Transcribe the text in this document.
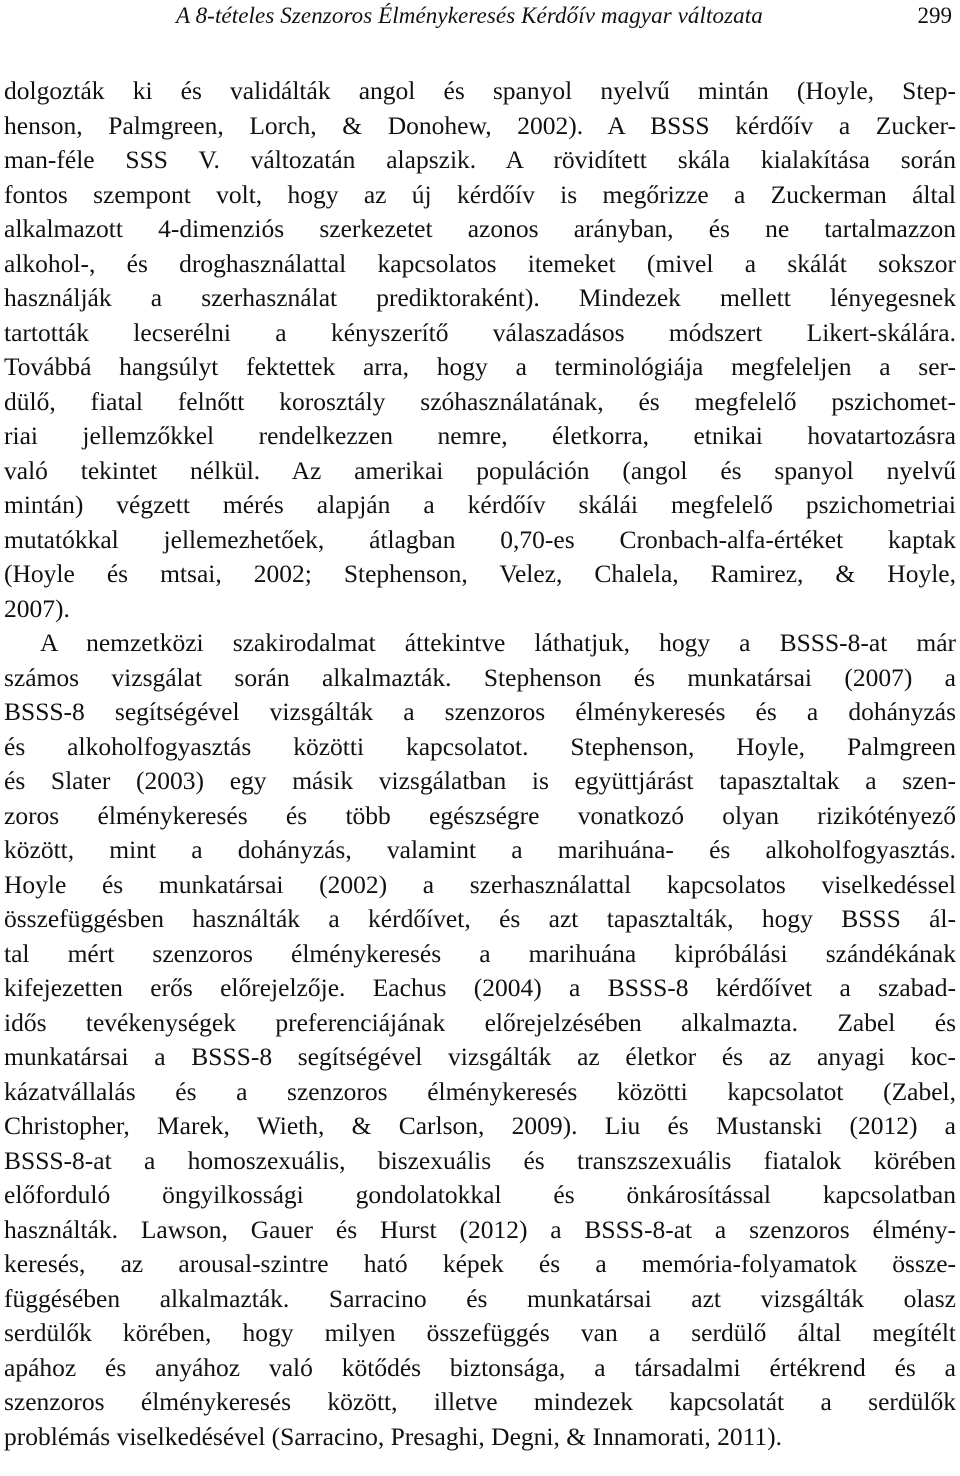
A 8-tételes Szenzoros Élménykeresés Kérdőív magyar változata	299
dolgozták ki és validálták angol és spanyol nyelvű mintán (Hoyle, Step-
henson, Palmgreen, Lorch, & Donohew, 2002). A BSSS kérdőív a Zucker-
man-féle SSS V. változatán alapszik. A rövidített skála kialakítása során
fontos szempont volt, hogy az új kérdőív is megőrizze a Zuckerman által
alkalmazott 4-dimenziós szerkezetet azonos arányban, és ne tartalmazzon
alkohol-, és droghasználattal kapcsolatos itemeket (mivel a skálát sokszor
használják a szerhasználat prediktoraként). Mindezek mellett lényegesnek
tartották lecserélni a kényszerítő válaszadásos módszert Likert-skálára.
Továbbá hangsúlyt fektettek arra, hogy a terminológiája megfeleljen a ser-
dülő, fiatal felnőtt korosztály szóhasználatának, és megfelelő pszichomet-
riai jellemzőkkel rendelkezzen nemre, életkorra, etnikai hovatartozásra
való tekintet nélkül. Az amerikai populáción (angol és spanyol nyelvű
mintán) végzett mérés alapján a kérdőív skálái megfelelő pszichometriai
mutatókkal jellemezhetőek, átlagban 0,70-es Cronbach-alfa-értéket kaptak
(Hoyle és mtsai, 2002; Stephenson, Velez, Chalela, Ramirez, & Hoyle,
2007).
A nemzetközi szakirodalmat áttekintve láthatjuk, hogy a BSSS-8-at már
számos vizsgálat során alkalmazták. Stephenson és munkatársai (2007) a
BSSS-8 segítségével vizsgálták a szenzoros élménykeresés és a dohányzás
és alkoholfogyasztás közötti kapcsolatot. Stephenson, Hoyle, Palmgreen
és Slater (2003) egy másik vizsgálatban is együttjárást tapasztaltak a szen-
zoros élménykeresés és több egészségre vonatkozó olyan rizikótényező
között, mint a dohányzás, valamint a marihuána- és alkoholfogyasztás.
Hoyle és munkatársai (2002) a szerhasználattal kapcsolatos viselkedéssel
összefüggésben használták a kérdőívet, és azt tapasztalták, hogy BSSS ál-
tal mért szenzoros élménykeresés a marihuána kipróbálási szándékának
kifejezetten erős előrejelzője. Eachus (2004) a BSSS-8 kérdőívet a szabad-
idős tevékenységek preferenciájának előrejelzésében alkalmazta. Zabel és
munkatársai a BSSS-8 segítségével vizsgálták az életkor és az anyagi koc-
kázatvállalás és a szenzoros élménykeresés közötti kapcsolatot (Zabel,
Christopher, Marek, Wieth, & Carlson, 2009). Liu és Mustanski (2012) a
BSSS-8-at a homoszexuális, biszexuális és transzszexuális fiatalok körében
előforduló öngyilkossági gondolatokkal és önkárosítással kapcsolatban
használták. Lawson, Gauer és Hurst (2012) a BSSS-8-at a szenzoros élmény-
keresés, az arousal-szintre ható képek és a memória-folyamatok össze-
függésében alkalmazták. Sarracino és munkatársai azt vizsgálták olasz
serdülők körében, hogy milyen összefüggés van a serdülő által megítélt
apához és anyához való kötődés biztonsága, a társadalmi értékrend és a
szenzoros élménykeresés között, illetve mindezek kapcsolatát a serdülők
problémás viselkedésével (Sarracino, Presaghi, Degni, & Innamorati, 2011).
